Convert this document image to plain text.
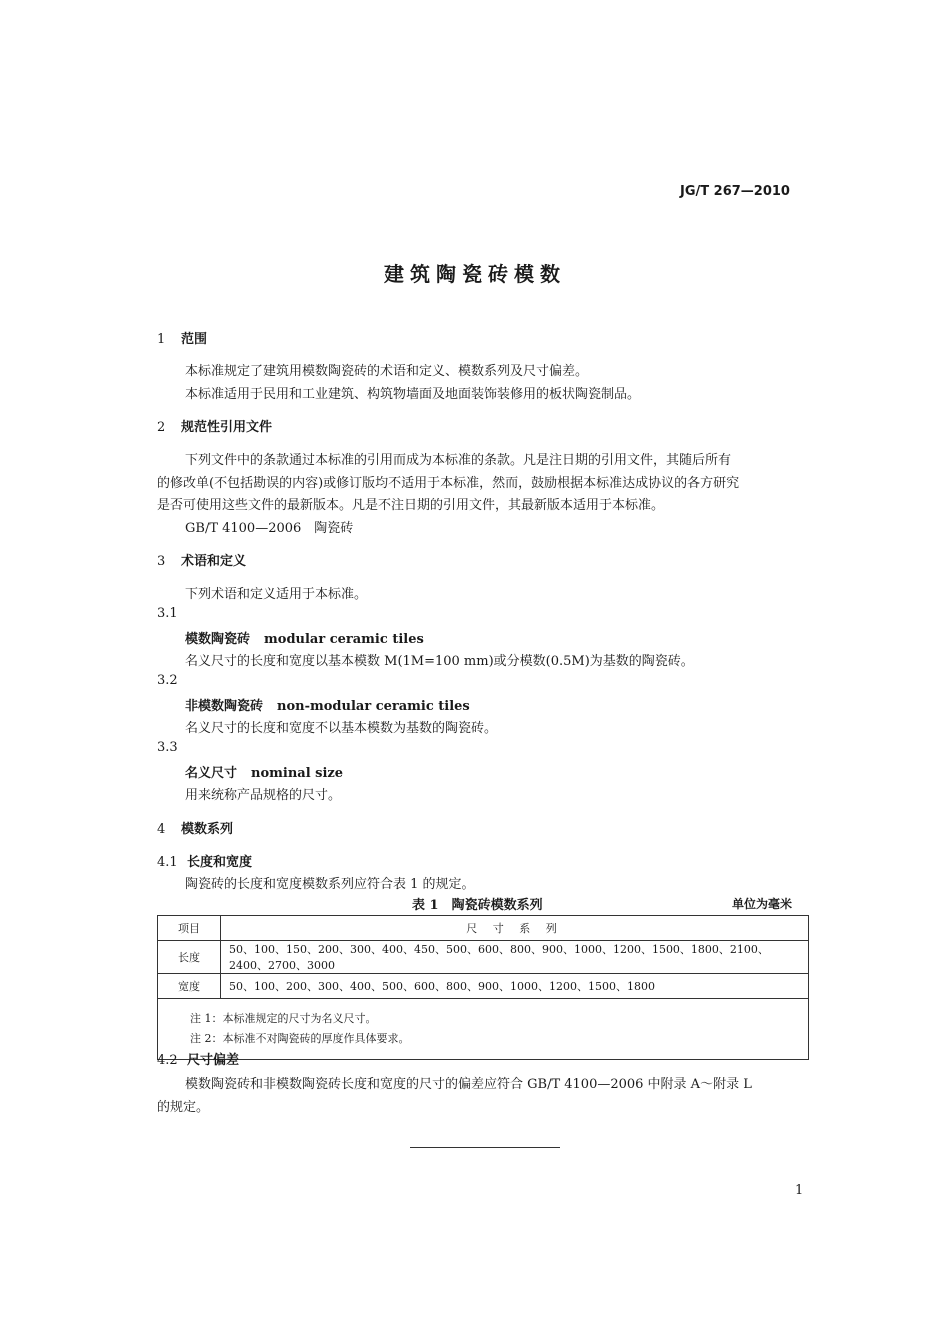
JG/T 267—2010
建筑陶瓷砖模数
1 范围
本标准规定了建筑用模数陶瓷砖的术语和定义、模数系列及尺寸偏差。
本标准适用于民用和工业建筑、构筑物墙面及地面装饰装修用的板状陶瓷制品。
2 规范性引用文件
下列文件中的条款通过本标准的引用而成为本标准的条款。凡是注日期的引用文件，其随后所有
的修改单(不包括勘误的内容)或修订版均不适用于本标准，然而，鼓励根据本标准达成协议的各方研究
是否可使用这些文件的最新版本。凡是不注日期的引用文件，其最新版本适用于本标准。
GB/T 4100—2006　陶瓷砖
3 术语和定义
下列术语和定义适用于本标准。
3.1
模数陶瓷砖 modular ceramic tiles
名义尺寸的长度和宽度以基本模数 M(1M=100 mm)或分模数(0.5M)为基数的陶瓷砖。
3.2
非模数陶瓷砖 non-modular ceramic tiles
名义尺寸的长度和宽度不以基本模数为基数的陶瓷砖。
3.3
名义尺寸 nominal size
用来统称产品规格的尺寸。
4 模数系列
4.1 长度和宽度
陶瓷砖的长度和宽度模数系列应符合表 1 的规定。
表 1　陶瓷砖模数系列	单位为毫米
项目	尺 寸 系 列
长度	50、100、150、200、300、400、450、500、600、800、900、1000、1200、1500、1800、2100、2400、2700、3000
宽度	50、100、200、300、400、500、600、800、900、1000、1200、1500、1800

注 1：本标准规定的尺寸为名义尺寸。
注 2：本标准不对陶瓷砖的厚度作具体要求。	
4.2 尺寸偏差
模数陶瓷砖和非模数陶瓷砖长度和宽度的尺寸的偏差应符合 GB/T 4100—2006 中附录 A～附录 L
的规定。
1
